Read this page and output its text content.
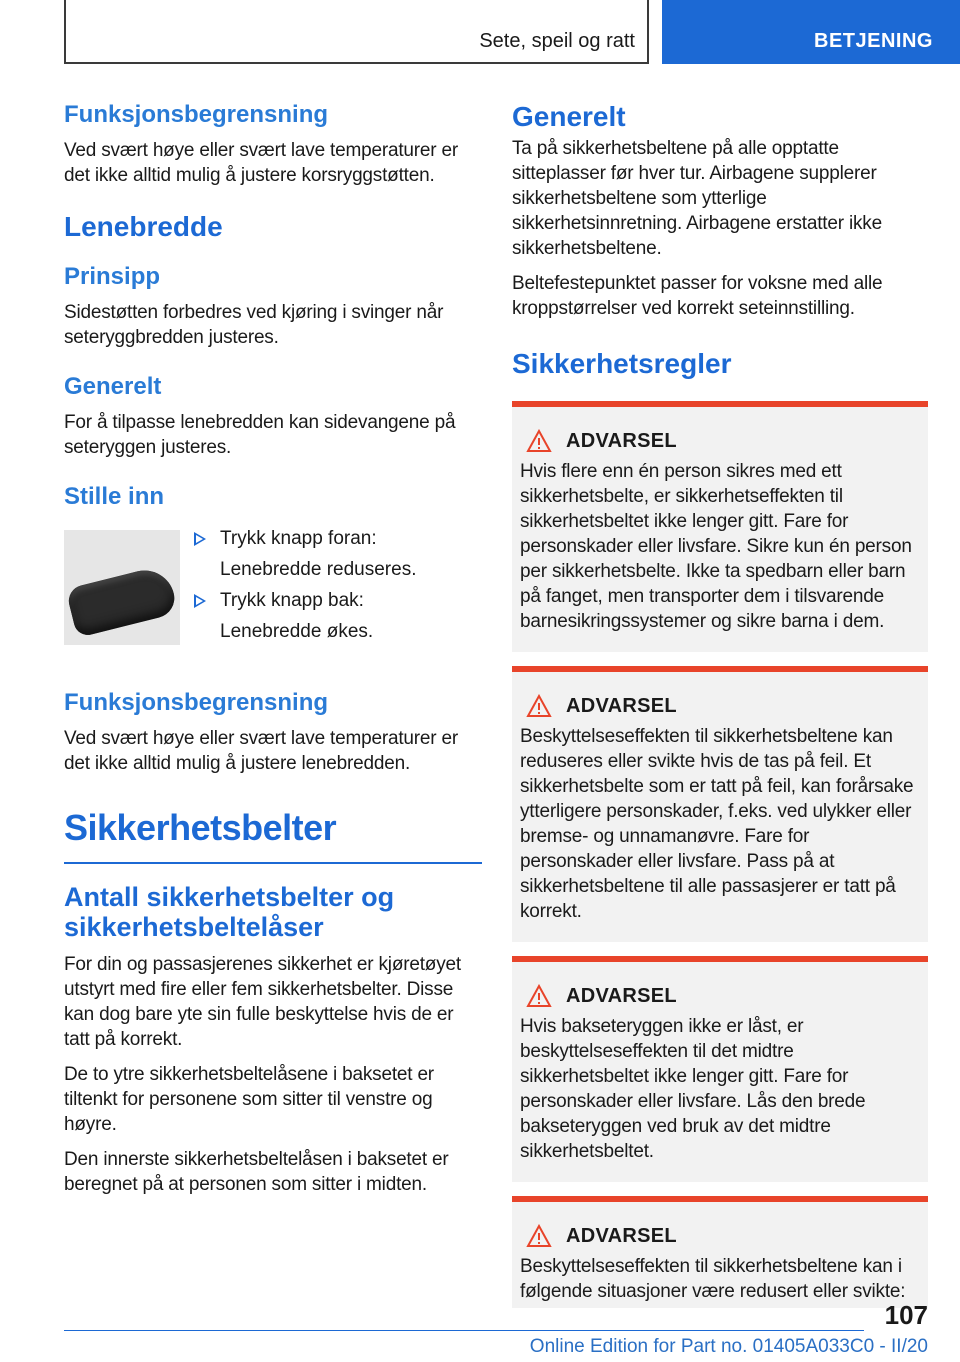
Sete, speil og ratt	BETJENING
Funksjonsbegrensning

Ved svært høye eller svært lave temperaturer er det ikke alltid mulig å justere korsryggstøtten.

Lenebredde
Prinsipp

Sidestøtten forbedres ved kjøring i svinger når seteryggbredden justeres.

Generelt

For å tilpasse lenebredden kan sidevangene på seteryggen justeres.

Stille inn
Trykk knapp foran:
Lenebredde reduseres.
Trykk knapp bak:
Lenebredde økes.
Funksjonsbegrensning

Ved svært høye eller svært lave temperaturer er det ikke alltid mulig å justere lenebredden.

Sikkerhetsbelter
Antall sikkerhetsbelter og sikkerhetsbeltelåser

For din og passasjerenes sikkerhet er kjøretøyet utstyrt med fire eller fem sikkerhetsbelter. Disse kan dog bare yte sin fulle beskyttelse hvis de er tatt på korrekt.

De to ytre sikkerhetsbeltelåsene i baksetet er tiltenkt for personene som sitter til venstre og høyre.

Den innerste sikkerhetsbeltelåsen i baksetet er beregnet på at personen som sitter i midten.

Generelt

Ta på sikkerhetsbeltene på alle opptatte sitteplasser før hver tur. Airbagene supplerer sikkerhetsbeltene som ytterlige sikkerhetsinnretning. Airbagene erstatter ikke sikkerhetsbeltene.

Beltefestepunktet passer for voksne med alle kroppstørrelser ved korrekt seteinnstilling.

Sikkerhetsregler
ADVARSEL

Hvis flere enn én person sikres med ett sikkerhetsbelte, er sikkerhetseffekten til sikkerhetsbeltet ikke lenger gitt. Fare for personskader eller livsfare. Sikre kun én person per sikkerhetsbelte. Ikke ta spedbarn eller barn på fanget, men transporter dem i tilsvarende barnesikringssystemer og sikre barna i dem.

ADVARSEL

Beskyttelseseffekten til sikkerhetsbeltene kan reduseres eller svikte hvis de tas på feil. Et sikkerhetsbelte som er tatt på feil, kan forårsake ytterligere personskader, f.eks. ved ulykker eller bremse- og unnamanøvre. Fare for personskader eller livsfare. Pass på at sikkerhetsbeltene til alle passasjerer er tatt på korrekt.

ADVARSEL

Hvis bakseteryggen ikke er låst, er beskyttelseseffekten til det midtre sikkerhetsbeltet ikke lenger gitt. Fare for personskader eller livsfare. Lås den brede bakseteryggen ved bruk av det midtre sikkerhetsbeltet.

ADVARSEL

Beskyttelseseffekten til sikkerhetsbeltene kan i følgende situasjoner være redusert eller svikte:

107
Online Edition for Part no. 01405A033C0 - II/20
